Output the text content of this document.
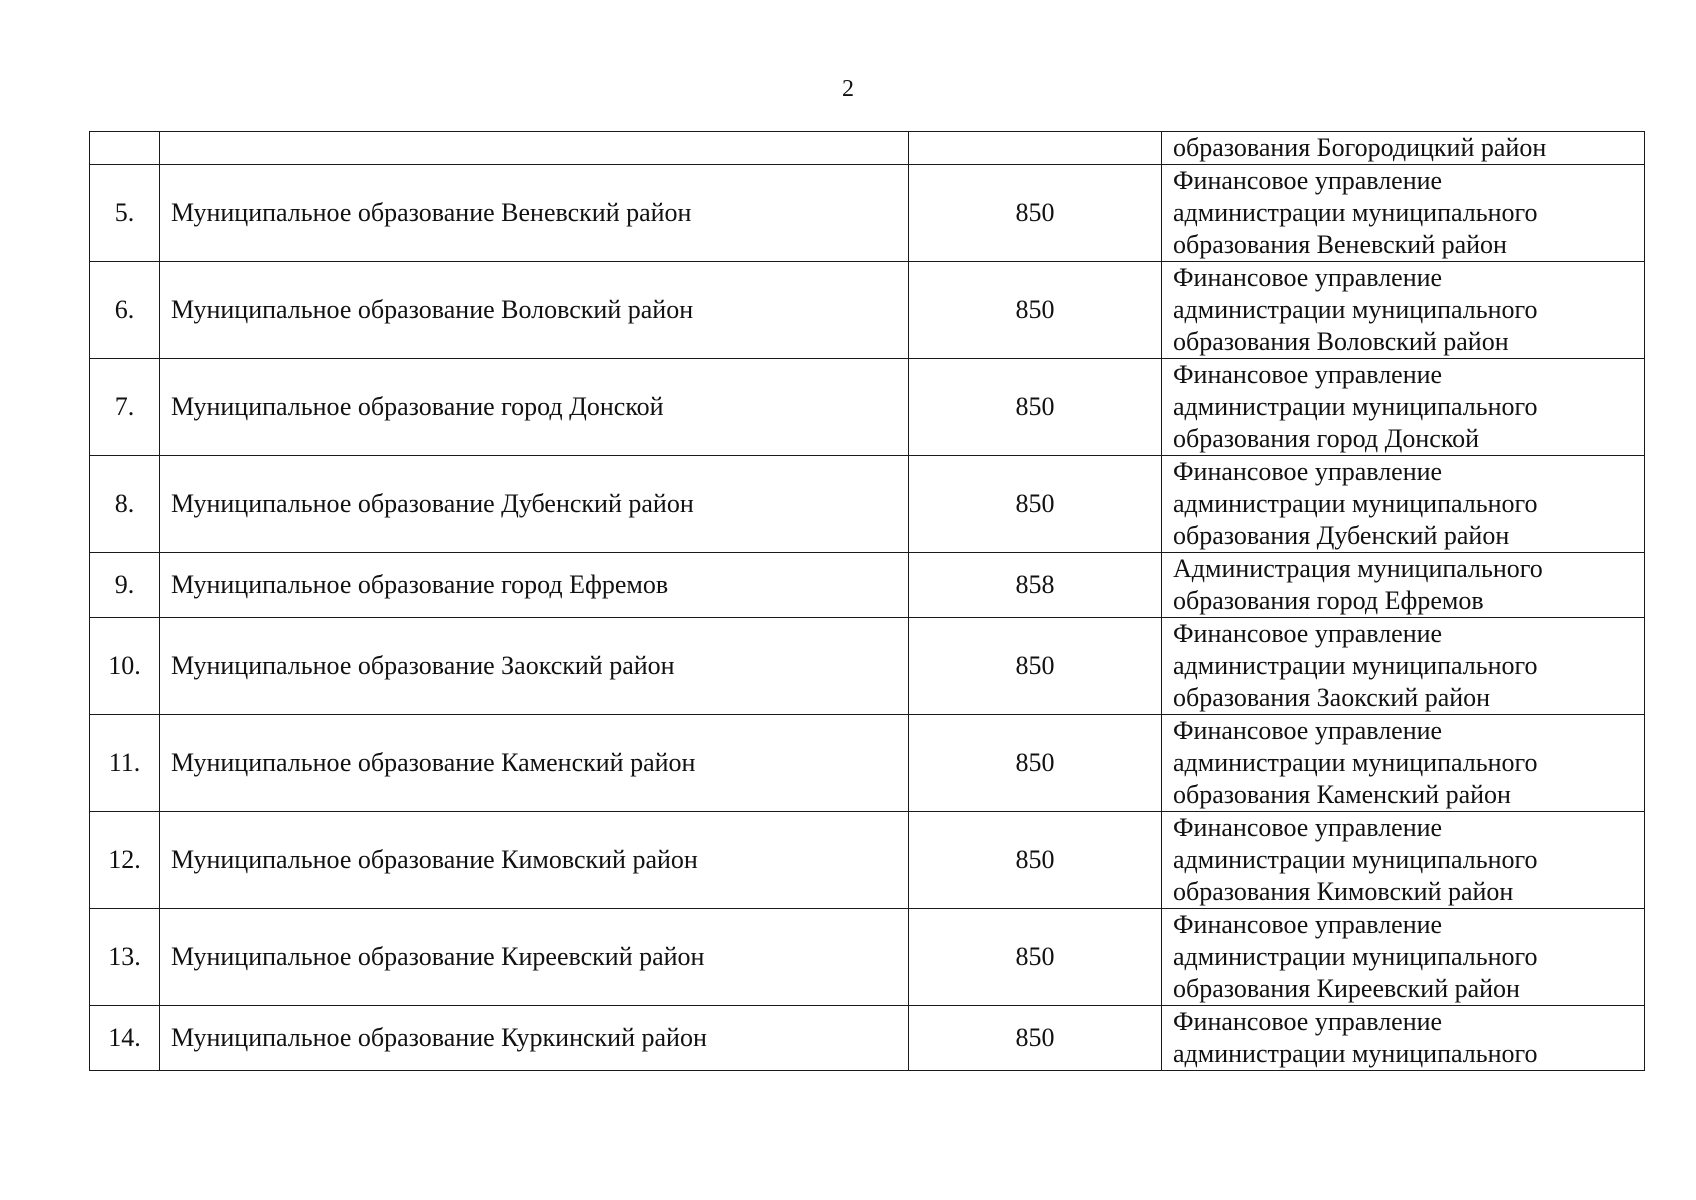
2

			образования Богородицкий район

5.	Муниципальное образование Веневский район	850	Финансовое управление
администрации муниципального
образования Веневский район

6.	Муниципальное образование Воловский район	850	Финансовое управление
администрации муниципального
образования Воловский район

7.	Муниципальное образование город Донской	850	Финансовое управление
администрации муниципального
образования город Донской

8.	Муниципальное образование Дубенский район	850	Финансовое управление
администрации муниципального
образования Дубенский район

9.	Муниципальное образование город Ефремов	858	Администрация муниципального
образования город Ефремов

10.	Муниципальное образование Заокский район	850	Финансовое управление
администрации муниципального
образования Заокский район

11.	Муниципальное образование Каменский район	850	Финансовое управление
администрации муниципального
образования Каменский район

12.	Муниципальное образование Кимовский район	850	Финансовое управление
администрации муниципального
образования Кимовский район

13.	Муниципальное образование Киреевский район	850	Финансовое управление
администрации муниципального
образования Киреевский район

14.	Муниципальное образование Куркинский район	850	Финансовое управление
администрации муниципального
